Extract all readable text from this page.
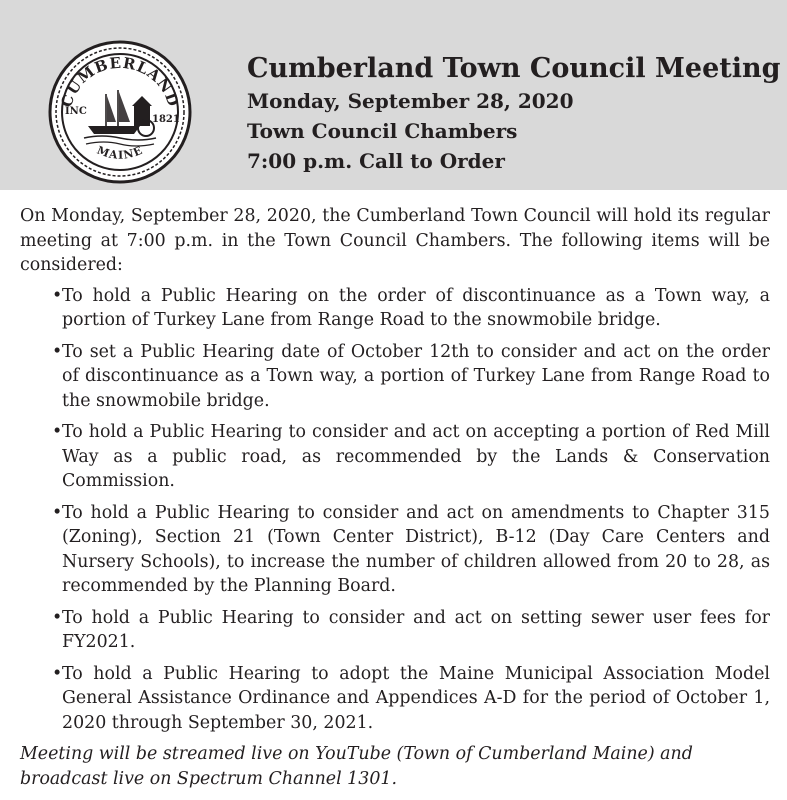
CUMBERLAND
MAINE
INC
1821
Cumberland Town Council Meeting
Monday, September 28, 2020
Town Council Chambers
7:00 p.m. Call to Order

On Monday, September 28, 2020, the Cumberland Town Council will hold its regular meeting at 7:00 p.m. in the Town Council Chambers. The following items will be considered:

• To hold a Public Hearing on the order of discontinuance as a Town way, a portion of Turkey Lane from Range Road to the snowmobile bridge.
• To set a Public Hearing date of October 12th to consider and act on the order of discontinuance as a Town way, a portion of Turkey Lane from Range Road to the snowmobile bridge.
• To hold a Public Hearing to consider and act on accepting a portion of Red Mill Way as a public road, as recommended by the Lands & Conservation Commission.
• To hold a Public Hearing to consider and act on amendments to Chapter 315 (Zoning), Section 21 (Town Center District), B-12 (Day Care Centers and Nursery Schools), to increase the number of children allowed from 20 to 28, as recommended by the Planning Board.
• To hold a Public Hearing to consider and act on setting sewer user fees for FY2021.
• To hold a Public Hearing to adopt the Maine Municipal Association Model General Assistance Ordinance and Appendices A-D for the period of October 1, 2020 through September 30, 2021.

Meeting will be streamed live on YouTube (Town of Cumberland Maine) and broadcast live on Spectrum Channel 1301.
